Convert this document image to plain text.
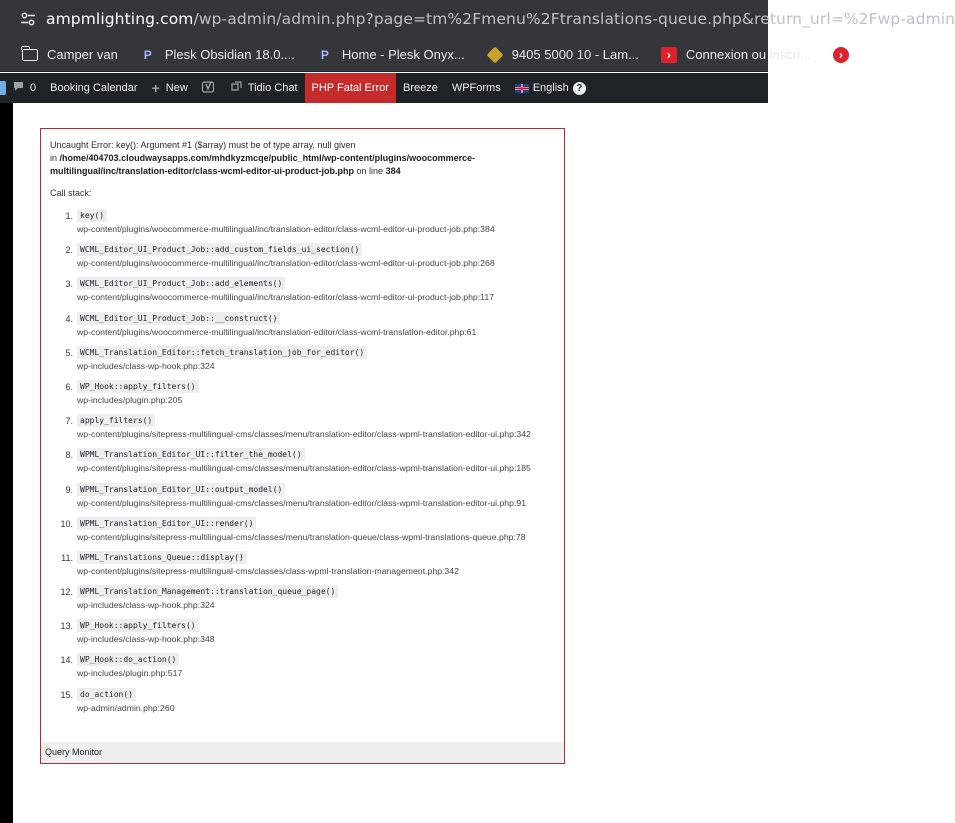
ampmlighting.com/wp-admin/admin.php?page=tm%2Fmenu%2Ftranslations-queue.php&return_url=%2Fwp-admin
Camper van	P	Plesk Obsidian 18.0....	P	Home - Plesk Onyx...	9405 5000 10 - Lam...	›	Connexion ou inscri...	›
0 Booking Calendar + New	Tidio Chat PHP Fatal Error Breeze WPForms	English ?
Uncaught Error: key(): Argument #1 ($array) must be of type array, null given
in /home/404703.cloudwaysapps.com/mhdkyzmcqe/public_html/wp-content/plugins/woocommerce-multilingual/inc/translation-editor/class-wcml-editor-ui-product-job.php on line 384
Call stack:
1. key()
wp-content/plugins/woocommerce-multilingual/inc/translation-editor/class-wcml-editor-ui-product-job.php:384
2. WCML_Editor_UI_Product_Job::add_custom_fields_ui_section()
wp-content/plugins/woocommerce-multilingual/inc/translation-editor/class-wcml-editor-ui-product-job.php:268
3. WCML_Editor_UI_Product_Job::add_elements()
wp-content/plugins/woocommerce-multilingual/inc/translation-editor/class-wcml-editor-ui-product-job.php:117
4. WCML_Editor_UI_Product_Job::__construct()
wp-content/plugins/woocommerce-multilingual/inc/translation-editor/class-wcml-translation-editor.php:61
5. WCML_Translation_Editor::fetch_translation_job_for_editor()
wp-includes/class-wp-hook.php:324
6. WP_Hook::apply_filters()
wp-includes/plugin.php:205
7. apply_filters()
wp-content/plugins/sitepress-multilingual-cms/classes/menu/translation-editor/class-wpml-translation-editor-ui.php:342
8. WPML_Translation_Editor_UI::filter_the_model()
wp-content/plugins/sitepress-multilingual-cms/classes/menu/translation-editor/class-wpml-translation-editor-ui.php:185
9. WPML_Translation_Editor_UI::output_model()
wp-content/plugins/sitepress-multilingual-cms/classes/menu/translation-editor/class-wpml-translation-editor-ui.php:91
10. WPML_Translation_Editor_UI::render()
wp-content/plugins/sitepress-multilingual-cms/classes/menu/translation-queue/class-wpml-translations-queue.php:78
11. WPML_Translations_Queue::display()
wp-content/plugins/sitepress-multilingual-cms/classes/class-wpml-translation-management.php:342
12. WPML_Translation_Management::translation_queue_page()
wp-includes/class-wp-hook.php:324
13. WP_Hook::apply_filters()
wp-includes/class-wp-hook.php:348
14. WP_Hook::do_action()
wp-includes/plugin.php:517
15. do_action()
wp-admin/admin.php:260
Query Monitor
